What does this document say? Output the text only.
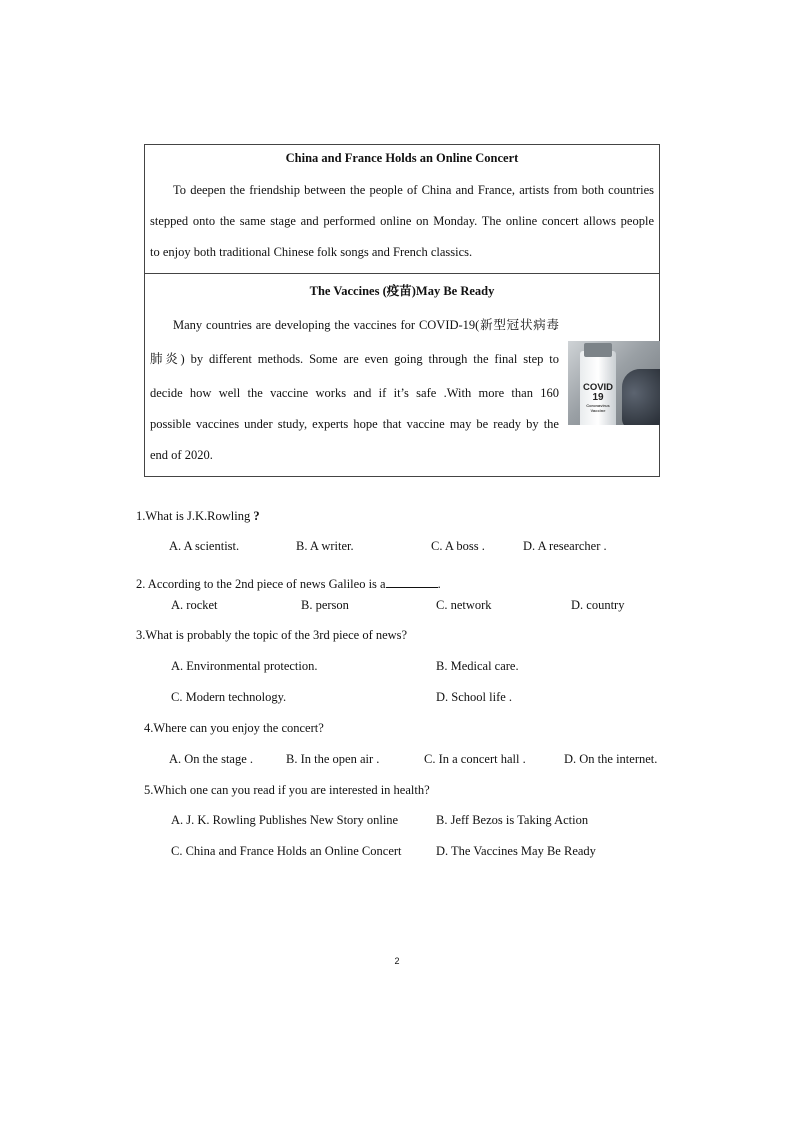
China and France Holds an Online Concert
To deepen the friendship between the people of China and France, artists from both countries
stepped onto the same stage and performed online on Monday. The online concert allows people
to enjoy both traditional Chinese folk songs and French classics.
The Vaccines (疫苗)May Be Ready
Many countries are developing the vaccines for COVID-19(新型冠状病毒
肺炎) by different methods. Some are even going through the final step to
decide how well the vaccine works and if it’s safe .With more than 160
possible vaccines under study, experts hope that vaccine may be ready by the
end of 2020.
COVID
19
Coronavirus
Vaccine
1.What is J.K.Rowling ?
A. A scientist.	B. A writer.	C. A boss .	D. A researcher .
2. According to the 2nd piece of news Galileo is a	.
A. rocket	B. person	C. network	D. country
3.What is probably the topic of the 3rd piece of news?
A. Environmental protection.	B. Medical care.
C. Modern technology.	D. School life .
4.Where can you enjoy the concert?
A. On the stage .	B. In the open air .	C. In a concert hall .	D. On the internet.
5.Which one can you read if you are interested in health?
A. J. K. Rowling Publishes New Story online	B. Jeff Bezos is Taking Action
C. China and France Holds an Online Concert	D. The Vaccines May Be Ready
2
